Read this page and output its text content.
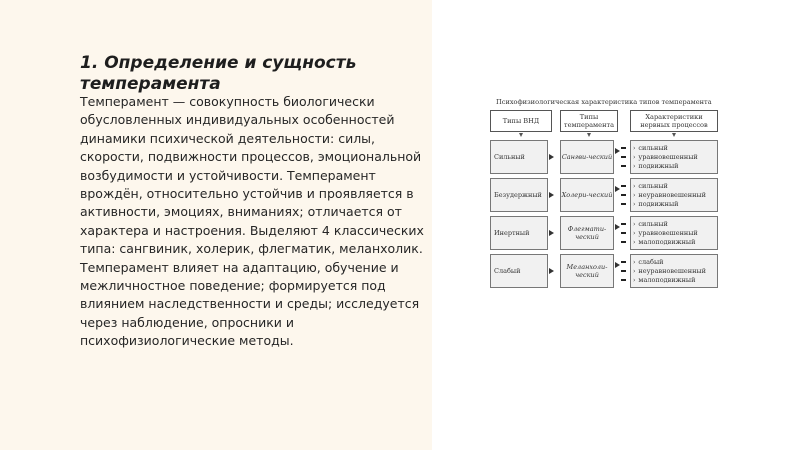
1. Определение и сущность темперамента

Темперамент — совокупность биологически обусловленных индивидуальных особенностей динамики психической деятельности: силы, скорости, подвижности процессов, эмоциональной возбудимости и устойчивости. Темперамент врождён, относительно устойчив и проявляется в активности, эмоциях, вниманиях; отличается от характера и настроения. Выделяют 4 классических типа: сангвиник, холерик, флегматик, меланхолик. Темперамент влияет на адаптацию, обучение и межличностное поведение; формируется под влиянием наследственности и среды; исследуется через наблюдение, опросники и психофизиологические методы.

Психофизиологическая характеристика типов темперамента
Типы ВНД	Типы темперамента
Характеристики нервных процессов
Сильный	Сангви-ческий
› сильный
› уравновешенный
› подвижный
Безудержный	Холери-ческий
› сильный
› неуравновешенный
› подвижный
Инертный	Флегмати-ческий
› сильный
› уравновешенный
› малоподвижный
Слабый	Меланхоли-ческий
› слабый
› неуравновешенный
› малоподвижный
